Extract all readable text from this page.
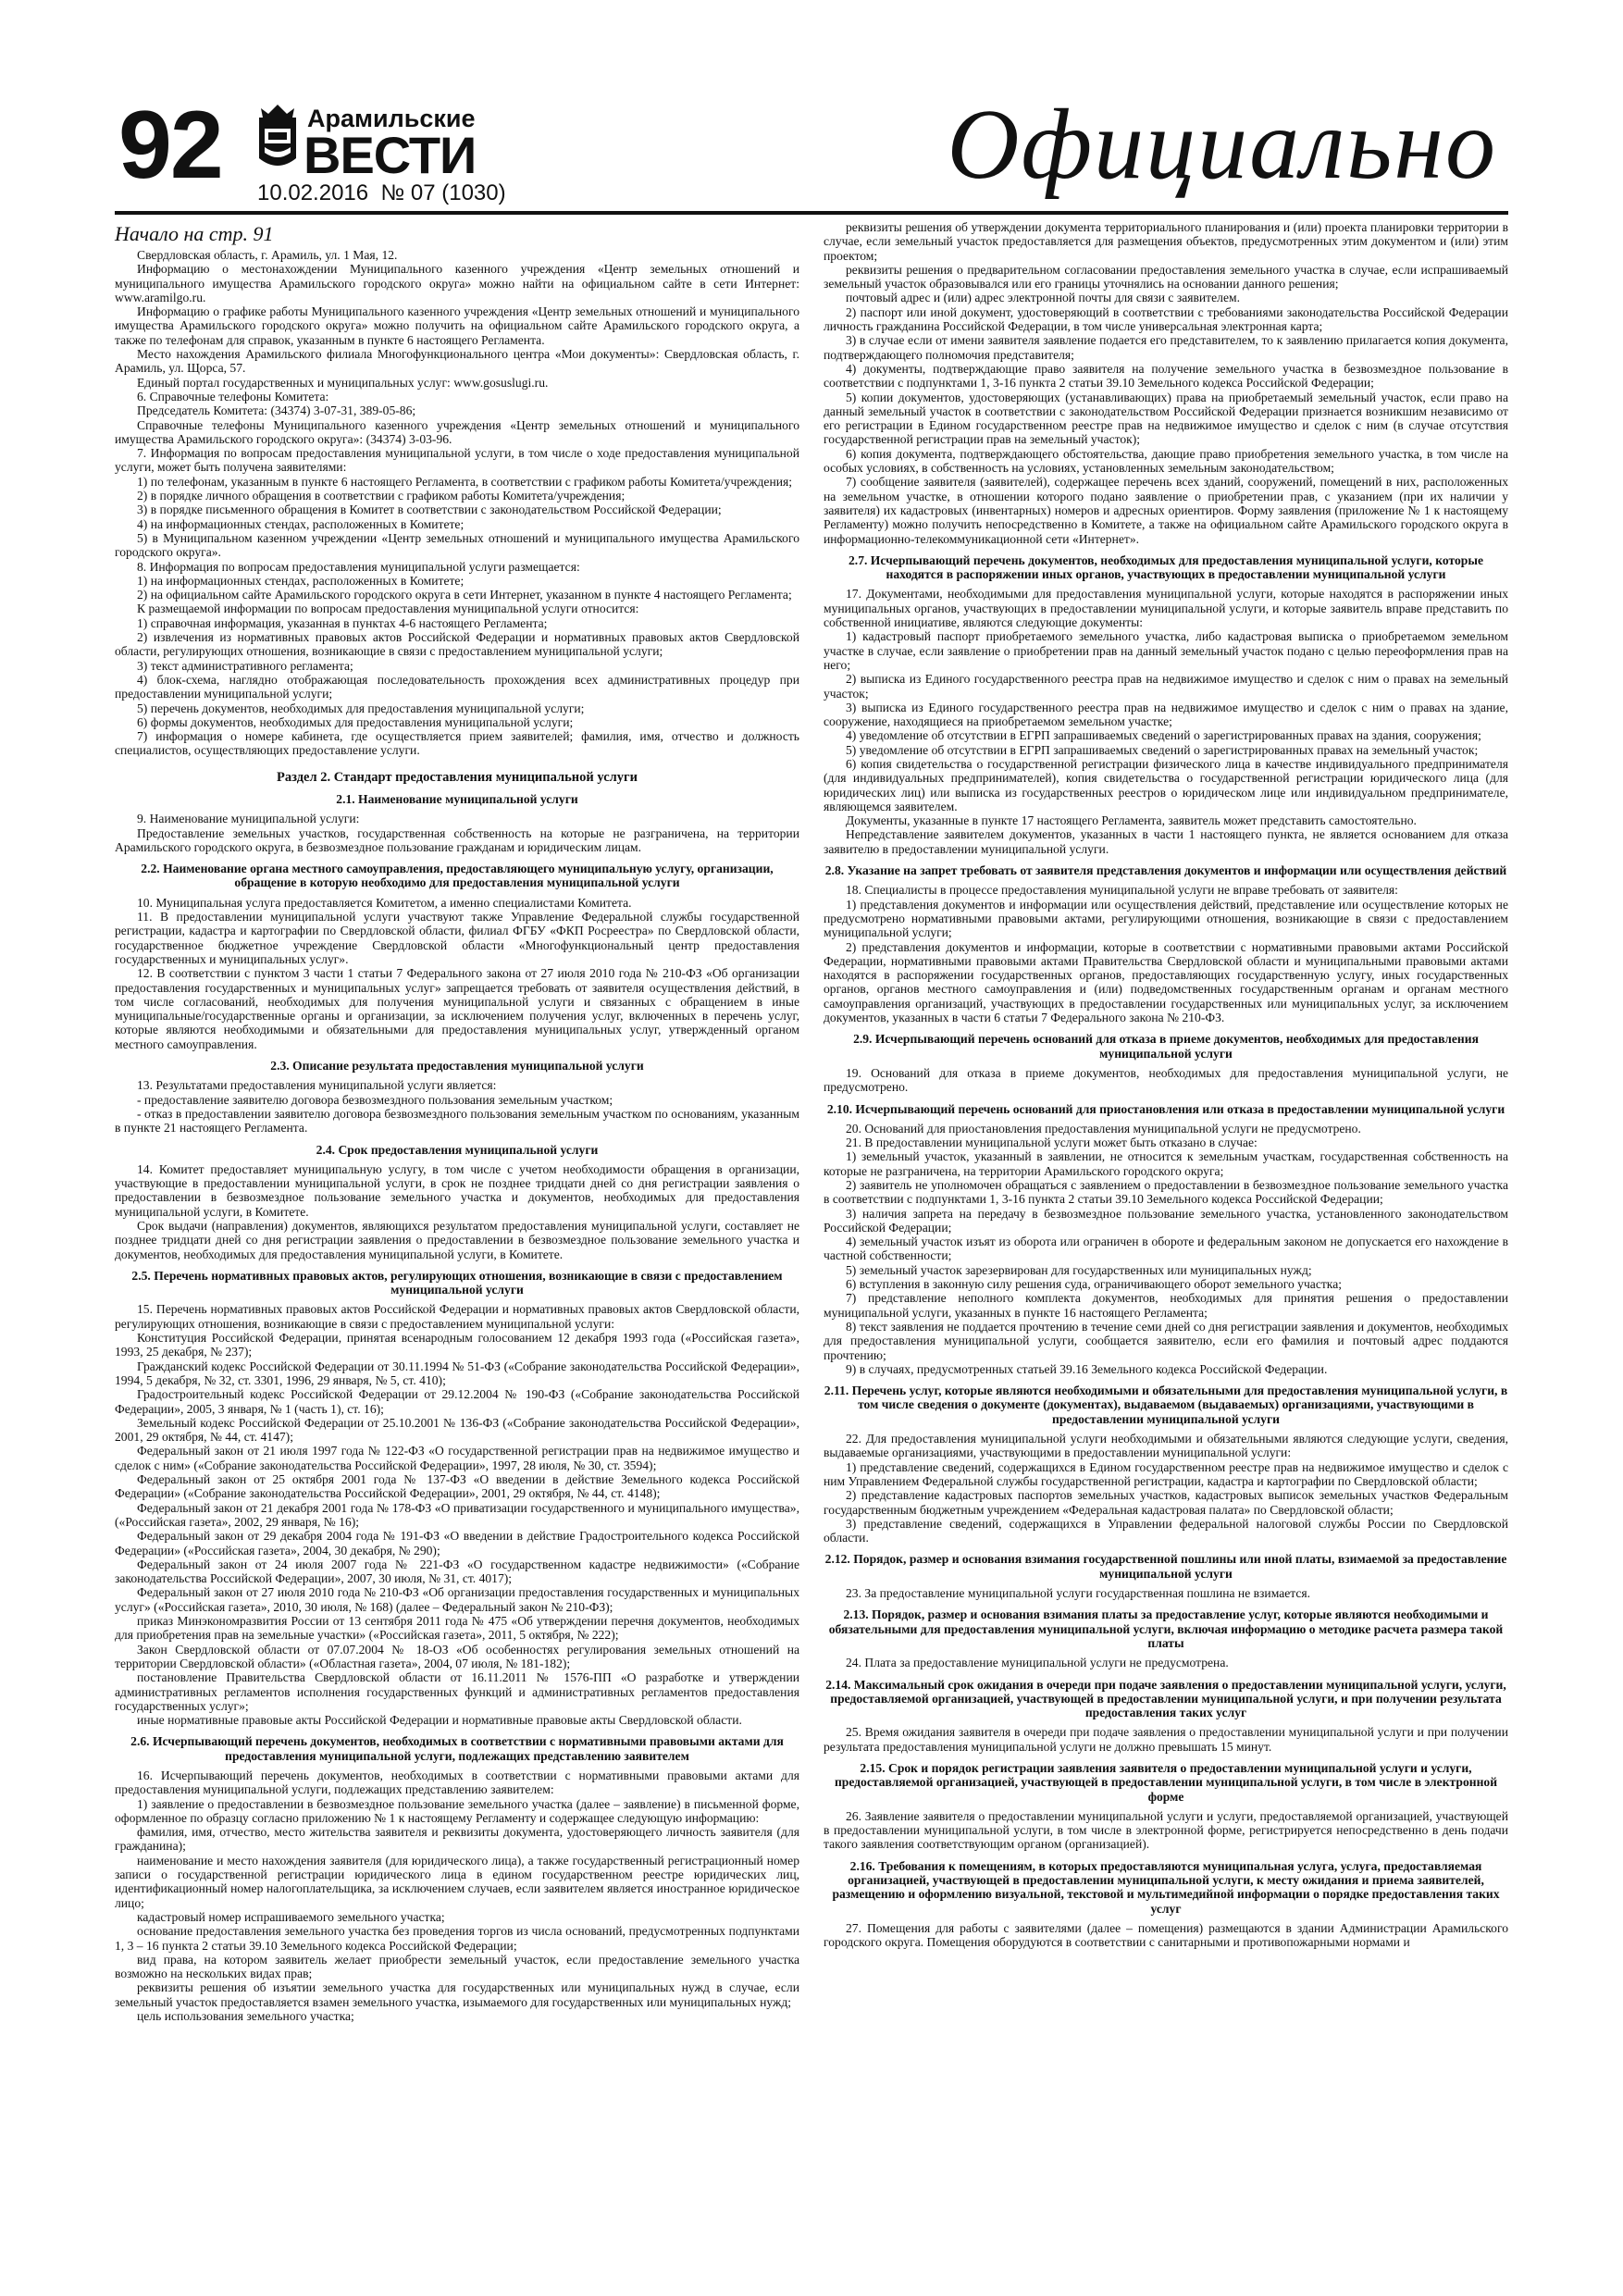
92	Арамильские
ВЕСТИ
10.02.2016 № 07 (1030)	Официально
Начало на стр. 91

Свердловская область, г. Арамиль, ул. 1 Мая, 12.

Информацию о местонахождении Муниципального казенного учреждения «Центр земельных отношений и муниципального имущества Арамильского городского округа» можно найти на официальном сайте в сети Интернет: www.aramilgo.ru.

Информацию о графике работы Муниципального казенного учреждения «Центр земельных отношений и муниципального имущества Арамильского городского округа» можно получить на официальном сайте Арамильского городского округа, а также по телефонам для справок, указанным в пункте 6 настоящего Регламента.

Место нахождения Арамильского филиала Многофункционального центра «Мои документы»: Свердловская область, г. Арамиль, ул. Щорса, 57.

Единый портал государственных и муниципальных услуг: www.gosuslugi.ru.

6. Справочные телефоны Комитета:

Председатель Комитета: (34374) 3-07-31, 389-05-86;

Справочные телефоны Муниципального казенного учреждения «Центр земельных отношений и муниципального имущества Арамильского городского округа»: (34374) 3-03-96.

7. Информация по вопросам предоставления муниципальной услуги, в том числе о ходе предоставления муниципальной услуги, может быть получена заявителями:

1) по телефонам, указанным в пункте 6 настоящего Регламента, в соответствии с графиком работы Комитета/учреждения;

2) в порядке личного обращения в соответствии с графиком работы Комитета/учреждения;

3) в порядке письменного обращения в Комитет в соответствии с законодательством Российской Федерации;

4) на информационных стендах, расположенных в Комитете;

5) в Муниципальном казенном учреждении «Центр земельных отношений и муниципального имущества Арамильского городского округа».

8. Информация по вопросам предоставления муниципальной услуги размещается:

1) на информационных стендах, расположенных в Комитете;

2) на официальном сайте Арамильского городского округа в сети Интернет, указанном в пункте 4 настоящего Регламента;

К размещаемой информации по вопросам предоставления муниципальной услуги относится:

1) справочная информация, указанная в пунктах 4-6 настоящего Регламента;

2) извлечения из нормативных правовых актов Российской Федерации и нормативных правовых актов Свердловской области, регулирующих отношения, возникающие в связи с предоставлением муниципальной услуги;

3) текст административного регламента;

4) блок-схема, наглядно отображающая последовательность прохождения всех административных процедур при предоставлении муниципальной услуги;

5) перечень документов, необходимых для предоставления муниципальной услуги;

6) формы документов, необходимых для предоставления муниципальной услуги;

7) информация о номере кабинета, где осуществляется прием заявителей; фамилия, имя, отчество и должность специалистов, осуществляющих предоставление услуги.

Раздел 2. Стандарт предоставления муниципальной услуги
2.1. Наименование муниципальной услуги

9. Наименование муниципальной услуги:

Предоставление земельных участков, государственная собственность на которые не разграничена, на территории Арамильского городского округа, в безвозмездное пользование гражданам и юридическим лицам.

2.2. Наименование органа местного самоуправления, предоставляющего муниципальную услугу, организации, обращение в которую необходимо для предоставления муниципальной услуги

10. Муниципальная услуга предоставляется Комитетом, а именно специалистами Комитета.

11. В предоставлении муниципальной услуги участвуют также Управление Федеральной службы государственной регистрации, кадастра и картографии по Свердловской области, филиал ФГБУ «ФКП Росреестра» по Свердловской области, государственное бюджетное учреждение Свердловской области «Многофункциональный центр предоставления государственных и муниципальных услуг».

12. В соответствии с пунктом 3 части 1 статьи 7 Федерального закона от 27 июля 2010 года № 210-ФЗ «Об организации предоставления государственных и муниципальных услуг» запрещается требовать от заявителя осуществления действий, в том числе согласований, необходимых для получения муниципальной услуги и связанных с обращением в иные муниципальные/государственные органы и организации, за исключением получения услуг, включенных в перечень услуг, которые являются необходимыми и обязательными для предоставления муниципальных услуг, утвержденный органом местного самоуправления.

2.3. Описание результата предоставления муниципальной услуги

13. Результатами предоставления муниципальной услуги является:

- предоставление заявителю договора безвозмездного пользования земельным участком;

- отказ в предоставлении заявителю договора безвозмездного пользования земельным участком по основаниям, указанным в пункте 21 настоящего Регламента.

2.4. Срок предоставления муниципальной услуги

14. Комитет предоставляет муниципальную услугу, в том числе с учетом необходимости обращения в организации, участвующие в предоставлении муниципальной услуги, в срок не позднее тридцати дней со дня регистрации заявления о предоставлении в безвозмездное пользование земельного участка и документов, необходимых для предоставления муниципальной услуги, в Комитете.

Срок выдачи (направления) документов, являющихся результатом предоставления муниципальной услуги, составляет не позднее тридцати дней со дня регистрации заявления о предоставлении в безвозмездное пользование земельного участка и документов, необходимых для предоставления муниципальной услуги, в Комитете.

2.5. Перечень нормативных правовых актов, регулирующих отношения, возникающие в связи с предоставлением муниципальной услуги

15. Перечень нормативных правовых актов Российской Федерации и нормативных правовых актов Свердловской области, регулирующих отношения, возникающие в связи с предоставлением муниципальной услуги:

Конституция Российской Федерации, принятая всенародным голосованием 12 декабря 1993 года («Российская газета», 1993, 25 декабря, № 237);

Гражданский кодекс Российской Федерации от 30.11.1994 № 51-ФЗ («Собрание законодательства Российской Федерации», 1994, 5 декабря, № 32, ст. 3301, 1996, 29 января, № 5, ст. 410);

Градостроительный кодекс Российской Федерации от 29.12.2004 № 190-ФЗ («Собрание законодательства Российской Федерации», 2005, 3 января, № 1 (часть 1), ст. 16);

Земельный кодекс Российской Федерации от 25.10.2001 № 136-ФЗ («Собрание законодательства Российской Федерации», 2001, 29 октября, № 44, ст. 4147);

Федеральный закон от 21 июля 1997 года № 122-ФЗ «О государственной регистрации прав на недвижимое имущество и сделок с ним» («Собрание законодательства Российской Федерации», 1997, 28 июля, № 30, ст. 3594);

Федеральный закон от 25 октября 2001 года № 137-ФЗ «О введении в действие Земельного кодекса Российской Федерации» («Собрание законодательства Российской Федерации», 2001, 29 октября, № 44, ст. 4148);

Федеральный закон от 21 декабря 2001 года № 178-ФЗ «О приватизации государственного и муниципального имущества», («Российская газета», 2002, 29 января, № 16);

Федеральный закон от 29 декабря 2004 года № 191-ФЗ «О введении в действие Градостроительного кодекса Российской Федерации» («Российская газета», 2004, 30 декабря, № 290);

Федеральный закон от 24 июля 2007 года № 221-ФЗ «О государственном кадастре недвижимости» («Собрание законодательства Российской Федерации», 2007, 30 июля, № 31, ст. 4017);

Федеральный закон от 27 июля 2010 года № 210-ФЗ «Об организации предоставления государственных и муниципальных услуг» («Российская газета», 2010, 30 июля, № 168) (далее – Федеральный закон № 210-ФЗ);

приказ Минэкономразвития России от 13 сентября 2011 года № 475 «Об утверждении перечня документов, необходимых для приобретения прав на земельные участки» («Российская газета», 2011, 5 октября, № 222);

Закон Свердловской области от 07.07.2004 № 18-ОЗ «Об особенностях регулирования земельных отношений на территории Свердловской области» («Областная газета», 2004, 07 июля, № 181-182);

постановление Правительства Свердловской области от 16.11.2011 № 1576-ПП «О разработке и утверждении административных регламентов исполнения государственных функций и административных регламентов предоставления государственных услуг»;

иные нормативные правовые акты Российской Федерации и нормативные правовые акты Свердловской области.

2.6. Исчерпывающий перечень документов, необходимых в соответствии с нормативными правовыми актами для предоставления муниципальной услуги, подлежащих представлению заявителем

16. Исчерпывающий перечень документов, необходимых в соответствии с нормативными правовыми актами для предоставления муниципальной услуги, подлежащих представлению заявителем:

1) заявление о предоставлении в безвозмездное пользование земельного участка (далее – заявление) в письменной форме, оформленное по образцу согласно приложению № 1 к настоящему Регламенту и содержащее следующую информацию:

фамилия, имя, отчество, место жительства заявителя и реквизиты документа, удостоверяющего личность заявителя (для гражданина);

наименование и место нахождения заявителя (для юридического лица), а также государственный регистрационный номер записи о государственной регистрации юридического лица в едином государственном реестре юридических лиц, идентификационный номер налогоплательщика, за исключением случаев, если заявителем является иностранное юридическое лицо;

кадастровый номер испрашиваемого земельного участка;

основание предоставления земельного участка без проведения торгов из числа оснований, предусмотренных подпунктами 1, 3 – 16 пункта 2 статьи 39.10 Земельного кодекса Российской Федерации;

вид права, на котором заявитель желает приобрести земельный участок, если предоставление земельного участка возможно на нескольких видах прав;

реквизиты решения об изъятии земельного участка для государственных или муниципальных нужд в случае, если земельный участок предоставляется взамен земельного участка, изымаемого для государственных или муниципальных нужд;

цель использования земельного участка;

реквизиты решения об утверждении документа территориального планирования и (или) проекта планировки территории в случае, если земельный участок предоставляется для размещения объектов, предусмотренных этим документом и (или) этим проектом;

реквизиты решения о предварительном согласовании предоставления земельного участка в случае, если испрашиваемый земельный участок образовывался или его границы уточнялись на основании данного решения;

почтовый адрес и (или) адрес электронной почты для связи с заявителем.

2) паспорт или иной документ, удостоверяющий в соответствии с требованиями законодательства Российской Федерации личность гражданина Российской Федерации, в том числе универсальная электронная карта;

3) в случае если от имени заявителя заявление подается его представителем, то к заявлению прилагается копия документа, подтверждающего полномочия представителя;

4) документы, подтверждающие право заявителя на получение земельного участка в безвозмездное пользование в соответствии с подпунктами 1, 3-16 пункта 2 статьи 39.10 Земельного кодекса Российской Федерации;

5) копии документов, удостоверяющих (устанавливающих) права на приобретаемый земельный участок, если право на данный земельный участок в соответствии с законодательством Российской Федерации признается возникшим независимо от его регистрации в Едином государственном реестре прав на недвижимое имущество и сделок с ним (в случае отсутствия государственной регистрации прав на земельный участок);

6) копия документа, подтверждающего обстоятельства, дающие право приобретения земельного участка, в том числе на особых условиях, в собственность на условиях, установленных земельным законодательством;

7) сообщение заявителя (заявителей), содержащее перечень всех зданий, сооружений, помещений в них, расположенных на земельном участке, в отношении которого подано заявление о приобретении прав, с указанием (при их наличии у заявителя) их кадастровых (инвентарных) номеров и адресных ориентиров. Форму заявления (приложение № 1 к настоящему Регламенту) можно получить непосредственно в Комитете, а также на официальном сайте Арамильского городского округа в информационно-телекоммуникационной сети «Интернет».

2.7. Исчерпывающий перечень документов, необходимых для предоставления муниципальной услуги, которые находятся в распоряжении иных органов, участвующих в предоставлении муниципальной услуги

17. Документами, необходимыми для предоставления муниципальной услуги, которые находятся в распоряжении иных муниципальных органов, участвующих в предоставлении муниципальной услуги, и которые заявитель вправе представить по собственной инициативе, являются следующие документы:

1) кадастровый паспорт приобретаемого земельного участка, либо кадастровая выписка о приобретаемом земельном участке в случае, если заявление о приобретении прав на данный земельный участок подано с целью переоформления прав на него;

2) выписка из Единого государственного реестра прав на недвижимое имущество и сделок с ним о правах на земельный участок;

3) выписка из Единого государственного реестра прав на недвижимое имущество и сделок с ним о правах на здание, сооружение, находящиеся на приобретаемом земельном участке;

4) уведомление об отсутствии в ЕГРП запрашиваемых сведений о зарегистрированных правах на здания, сооружения;

5) уведомление об отсутствии в ЕГРП запрашиваемых сведений о зарегистрированных правах на земельный участок;

6) копия свидетельства о государственной регистрации физического лица в качестве индивидуального предпринимателя (для индивидуальных предпринимателей), копия свидетельства о государственной регистрации юридического лица (для юридических лиц) или выписка из государственных реестров о юридическом лице или индивидуальном предпринимателе, являющемся заявителем.

Документы, указанные в пункте 17 настоящего Регламента, заявитель может представить самостоятельно.

Непредставление заявителем документов, указанных в части 1 настоящего пункта, не является основанием для отказа заявителю в предоставлении муниципальной услуги.

2.8. Указание на запрет требовать от заявителя представления документов и информации или осуществления действий

18. Специалисты в процессе предоставления муниципальной услуги не вправе требовать от заявителя:

1) представления документов и информации или осуществления действий, представление или осуществление которых не предусмотрено нормативными правовыми актами, регулирующими отношения, возникающие в связи с предоставлением муниципальной услуги;

2) представления документов и информации, которые в соответствии с нормативными правовыми актами Российской Федерации, нормативными правовыми актами Правительства Свердловской области и муниципальными правовыми актами находятся в распоряжении государственных органов, предоставляющих государственную услугу, иных государственных органов, органов местного самоуправления и (или) подведомственных государственным органам и органам местного самоуправления организаций, участвующих в предоставлении государственных или муниципальных услуг, за исключением документов, указанных в части 6 статьи 7 Федерального закона № 210-ФЗ.

2.9. Исчерпывающий перечень оснований для отказа в приеме документов, необходимых для предоставления муниципальной услуги

19. Оснований для отказа в приеме документов, необходимых для предоставления муниципальной услуги, не предусмотрено.

2.10. Исчерпывающий перечень оснований для приостановления или отказа в предоставлении муниципальной услуги

20. Оснований для приостановления предоставления муниципальной услуги не предусмотрено.

21. В предоставлении муниципальной услуги может быть отказано в случае:

1) земельный участок, указанный в заявлении, не относится к земельным участкам, государственная собственность на которые не разграничена, на территории Арамильского городского округа;

2) заявитель не уполномочен обращаться с заявлением о предоставлении в безвозмездное пользование земельного участка в соответствии с подпунктами 1, 3-16 пункта 2 статьи 39.10 Земельного кодекса Российской Федерации;

3) наличия запрета на передачу в безвозмездное пользование земельного участка, установленного законодательством Российской Федерации;

4) земельный участок изъят из оборота или ограничен в обороте и федеральным законом не допускается его нахождение в частной собственности;

5) земельный участок зарезервирован для государственных или муниципальных нужд;

6) вступления в законную силу решения суда, ограничивающего оборот земельного участка;

7) представление неполного комплекта документов, необходимых для принятия решения о предоставлении муниципальной услуги, указанных в пункте 16 настоящего Регламента;

8) текст заявления не поддается прочтению в течение семи дней со дня регистрации заявления и документов, необходимых для предоставления муниципальной услуги, сообщается заявителю, если его фамилия и почтовый адрес поддаются прочтению;

9) в случаях, предусмотренных статьей 39.16 Земельного кодекса Российской Федерации.

2.11. Перечень услуг, которые являются необходимыми и обязательными для предоставления муниципальной услуги, в том числе сведения о документе (документах), выдаваемом (выдаваемых) организациями, участвующими в предоставлении муниципальной услуги

22. Для предоставления муниципальной услуги необходимыми и обязательными являются следующие услуги, сведения, выдаваемые организациями, участвующими в предоставлении муниципальной услуги:

1) представление сведений, содержащихся в Едином государственном реестре прав на недвижимое имущество и сделок с ним Управлением Федеральной службы государственной регистрации, кадастра и картографии по Свердловской области;

2) представление кадастровых паспортов земельных участков, кадастровых выписок земельных участков Федеральным государственным бюджетным учреждением «Федеральная кадастровая палата» по Свердловской области;

3) представление сведений, содержащихся в Управлении федеральной налоговой службы России по Свердловской области.

2.12. Порядок, размер и основания взимания государственной пошлины или иной платы, взимаемой за предоставление муниципальной услуги

23. За предоставление муниципальной услуги государственная пошлина не взимается.

2.13. Порядок, размер и основания взимания платы за предоставление услуг, которые являются необходимыми и обязательными для предоставления муниципальной услуги, включая информацию о методике расчета размера такой платы

24. Плата за предоставление муниципальной услуги не предусмотрена.

2.14. Максимальный срок ожидания в очереди при подаче заявления о предоставлении муниципальной услуги, услуги, предоставляемой организацией, участвующей в предоставлении муниципальной услуги, и при получении результата предоставления таких услуг

25. Время ожидания заявителя в очереди при подаче заявления о предоставлении муниципальной услуги и при получении результата предоставления муниципальной услуги не должно превышать 15 минут.

2.15. Срок и порядок регистрации заявления заявителя о предоставлении муниципальной услуги и услуги, предоставляемой организацией, участвующей в предоставлении муниципальной услуги, в том числе в электронной форме

26. Заявление заявителя о предоставлении муниципальной услуги и услуги, предоставляемой организацией, участвующей в предоставлении муниципальной услуги, в том числе в электронной форме, регистрируется непосредственно в день подачи такого заявления соответствующим органом (организацией).

2.16. Требования к помещениям, в которых предоставляются муниципальная услуга, услуга, предоставляемая организацией, участвующей в предоставлении муниципальной услуги, к месту ожидания и приема заявителей, размещению и оформлению визуальной, текстовой и мультимедийной информации о порядке предоставления таких услуг

27. Помещения для работы с заявителями (далее – помещения) размещаются в здании Администрации Арамильского городского округа. Помещения оборудуются в соответствии с санитарными и противопожарными нормами и
